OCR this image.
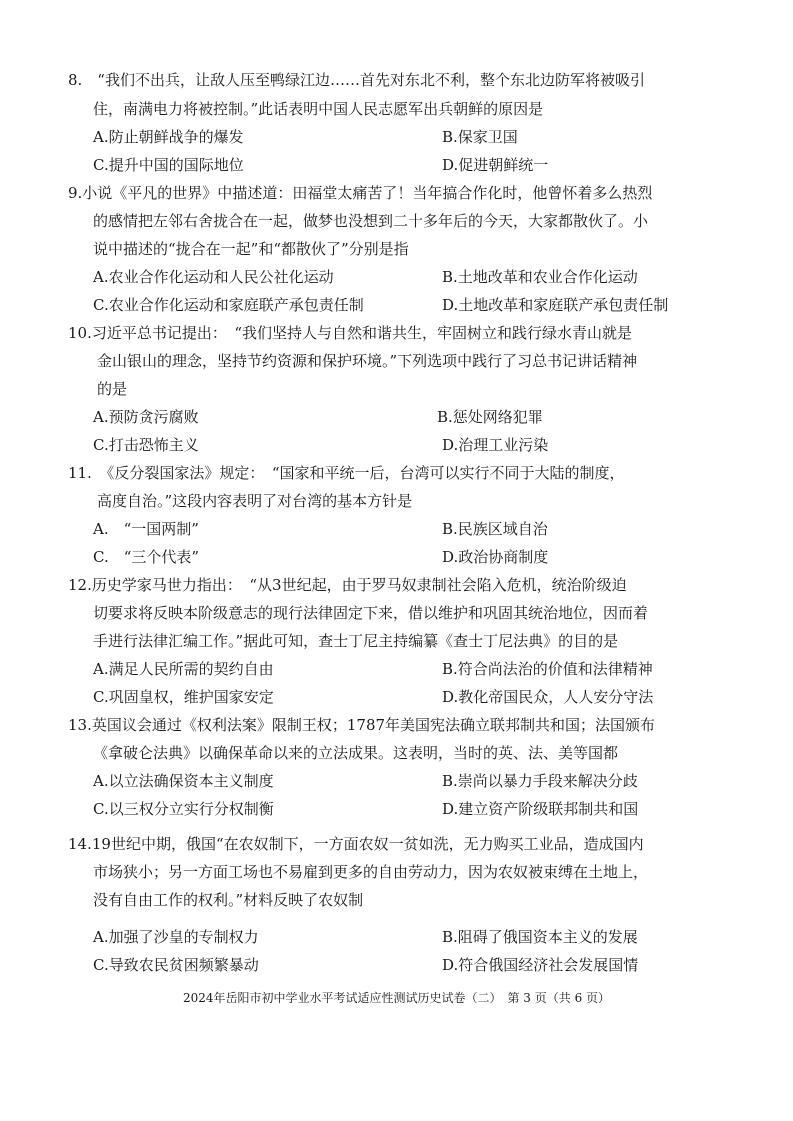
8.　“我们不出兵，让敌人压至鸭绿江边……首先对东北不利，整个东北边防军将被吸引
住，南满电力将被控制。”此话表明中国人民志愿军出兵朝鲜的原因是
A.防止朝鲜战争的爆发	B.保家卫国
C.提升中国的国际地位	D.促进朝鲜统一
9.小说《平凡的世界》中描述道：田福堂太痛苦了！当年搞合作化时，他曾怀着多么热烈
的感情把左邻右舍拢合在一起，做梦也没想到二十多年后的今天，大家都散伙了。小
说中描述的“拢合在一起”和“都散伙了”分别是指
A.农业合作化运动和人民公社化运动	B.土地改革和农业合作化运动
C.农业合作化运动和家庭联产承包责任制	D.土地改革和家庭联产承包责任制
10.习近平总书记提出：　“我们坚持人与自然和谐共生，牢固树立和践行绿水青山就是
金山银山的理念，坚持节约资源和保护环境。”下列选项中践行了习总书记讲话精神
的是
A.预防贪污腐败	B.惩处网络犯罪
C.打击恐怖主义	D.治理工业污染
11.　《反分裂国家法》规定：　“国家和平统一后，台湾可以实行不同于大陆的制度，
高度自治。”这段内容表明了对台湾的基本方针是
A.　“一国两制”	B.民族区域自治
C.　“三个代表”	D.政治协商制度
12.历史学家马世力指出：　“从3世纪起，由于罗马奴隶制社会陷入危机，统治阶级迫
切要求将反映本阶级意志的现行法律固定下来，借以维护和巩固其统治地位，因而着
手进行法律汇编工作。”据此可知，查士丁尼主持编纂《查士丁尼法典》的目的是
A.满足人民所需的契约自由	B.符合尚法治的价值和法律精神
C.巩固皇权，维护国家安定	D.教化帝国民众，人人安分守法
13.英国议会通过《权利法案》限制王权；1787年美国宪法确立联邦制共和国；法国颁布
《拿破仑法典》以确保革命以来的立法成果。这表明，当时的英、法、美等国都
A.以立法确保资本主义制度	B.崇尚以暴力手段来解决分歧
C.以三权分立实行分权制衡	D.建立资产阶级联邦制共和国
14.19世纪中期，俄国“在农奴制下，一方面农奴一贫如洗，无力购买工业品，造成国内
市场狭小；另一方面工场也不易雇到更多的自由劳动力，因为农奴被束缚在土地上，
没有自由工作的权利。”材料反映了农奴制
A.加强了沙皇的专制权力	B.阻碍了俄国资本主义的发展
C.导致农民贫困频繁暴动	D.符合俄国经济社会发展国情
2024年岳阳市初中学业水平考试适应性测试历史试卷（二）　第 3 页（共 6 页）
